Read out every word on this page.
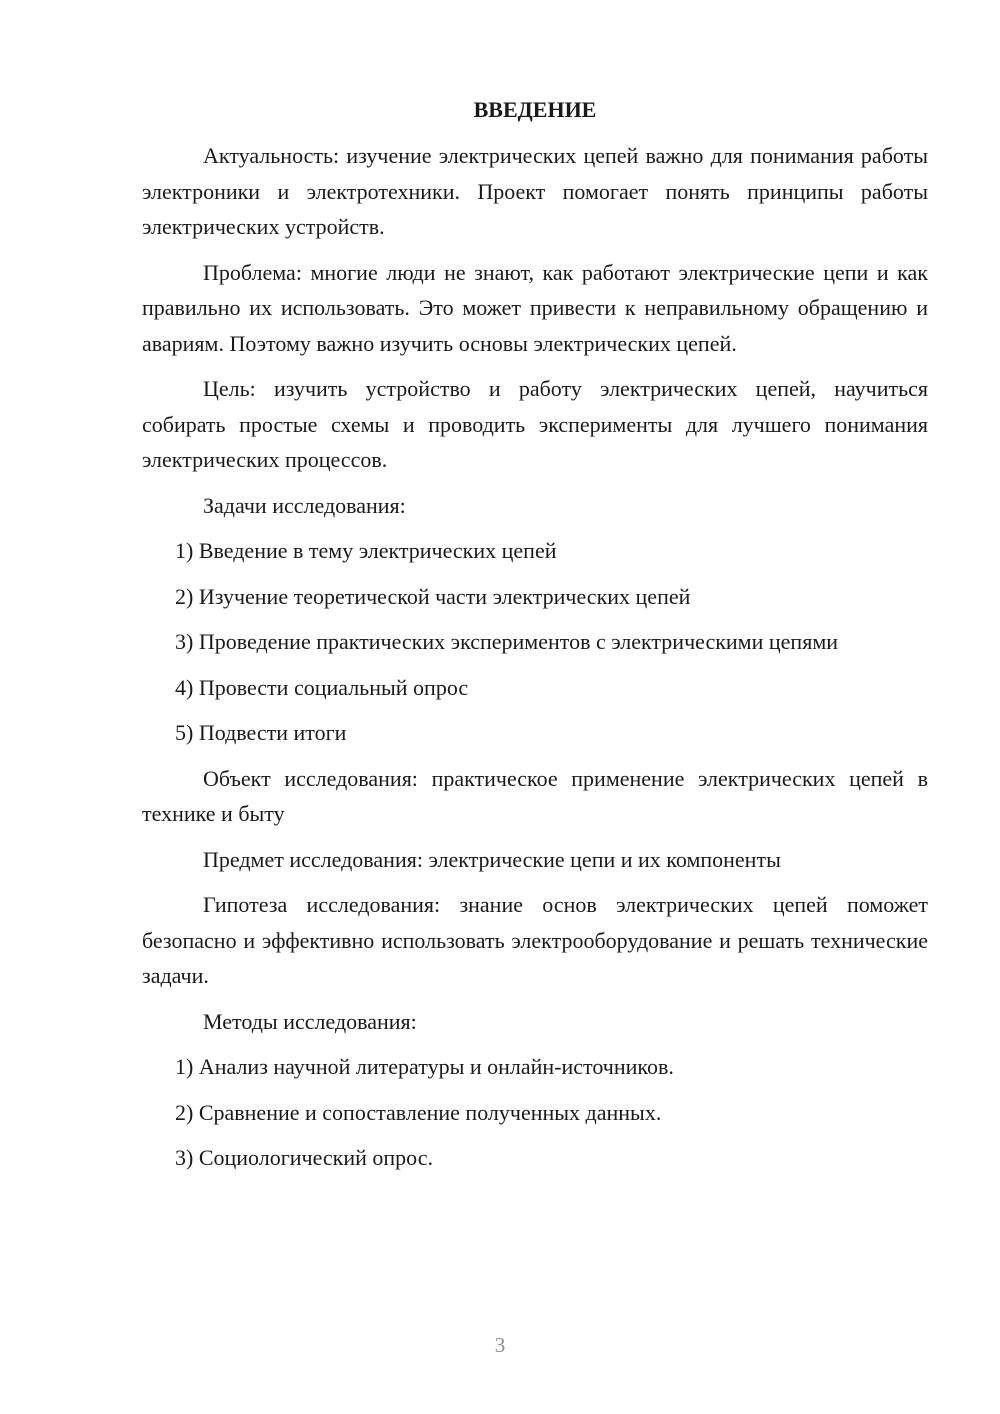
ВВЕДЕНИЕ

Актуальность: изучение электрических цепей важно для понимания работы электроники и электротехники. Проект помогает понять принципы работы электрических устройств.

Проблема: многие люди не знают, как работают электрические цепи и как правильно их использовать. Это может привести к неправильному обращению и авариям. Поэтому важно изучить основы электрических цепей.

Цель: изучить устройство и работу электрических цепей, научиться собирать простые схемы и проводить эксперименты для лучшего понимания электрических процессов.

Задачи исследования:

1) Введение в тему электрических цепей

2) Изучение теоретической части электрических цепей

3) Проведение практических экспериментов с электрическими цепями

4) Провести социальный опрос

5) Подвести итоги

Объект исследования: практическое применение электрических цепей в технике и быту

Предмет исследования: электрические цепи и их компоненты

Гипотеза исследования: знание основ электрических цепей поможет безопасно и эффективно использовать электрооборудование и решать технические задачи.

Методы исследования:

1) Анализ научной литературы и онлайн-источников.

2) Сравнение и сопоставление полученных данных.

3) Социологический опрос.

3
